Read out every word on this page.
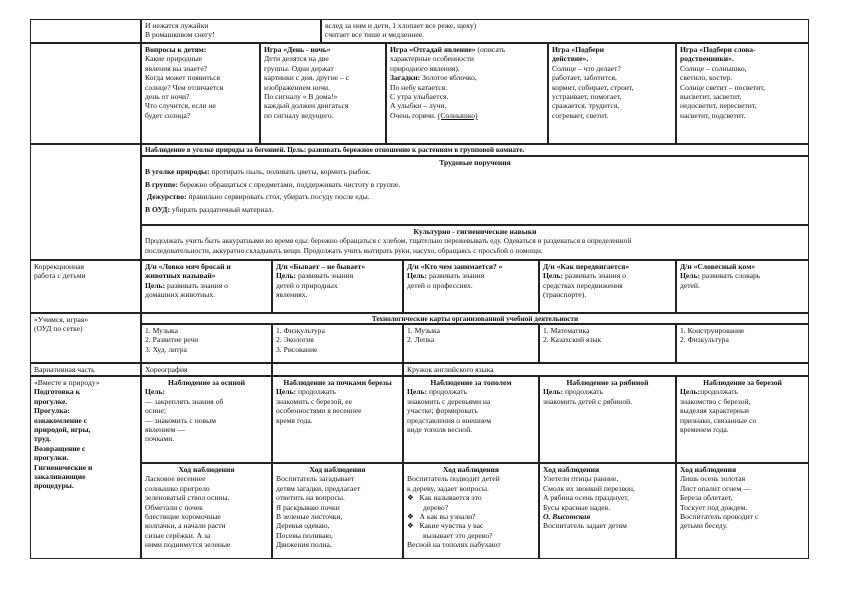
И нежатся лужайки
В ромашковом снегу!
вслед за ним и дети, 1 хлопает все реже, щеку)
считает все тише и медленнее.
Вопросы к детям:
Какие природные
явления вы знаете?
Когда может появиться
солнце? Чем отличается
день от ночи?
Что случится, если не
будет солнца?
Игра «День - ночь»
Дети делятся на две
группы. Одни держат
картинки с дня, другие – с
изображением ночи.
По сигналу « В дома!»
каждый должен двигаться
по сигналу ведущего.
Игра «Отгадай явление» (описать
характерные особенности
природного явления).
Загадки: Золотое яблочко,
По небу катается.
С утра улыбается.
А улыбки – лучи,
Очень горячи. (Солнышко)
Игра «Подбери действие».
Солнце – что делает?
работает, заботится,
кормит, собирает, строит,
устраивает, помогает,
сражается, трудится,
согревает, светит.
Игра «Подбери слова-родственники».
Солнце – солнышко,
светило, костер.
Солнце светит – посветит,
высветит, засветит,
недосветит, пересветит,
насветит, подсветит.
Наблюдение в уголке природы за бегонией. Цель: развивать бережное отношение к растениям в групповой комнате.
Трудовые поручения
В уголке природы: протирать пыль, поливать цветы, кормить рыбок.
В группе: бережно обращаться с предметами, поддерживать чистоту в группе.
Дежурство: правильно сервировать стол, убирать посуду после еды.
В ОУД: убирать раздаточный материал.
Культурно - гигиенические навыки
Продолжать учить быть аккуратными во время еды: бережно обращаться с хлебом, тщательно пережевывать еду. Одеваться и раздеваться в определенной
последовательности, аккуратно складывать вещи. Продолжать учить вытирать руки, насухо, обращаясь с просьбой о помощи.
Коррекционная
работа с детьми
Д/и «Ловко мяч бросай и
животных называй»
Цель: развивать знания о
домашних животных.
Д/и «Бывает – не бывает»
Цель: развивать знания
детей о природных
явлениях.
Д/и «Кто чем занимается? »
Цель: развивать знания
детей о профессиях.
Д/и «Как передвигается»
Цель: развивать знания о
средствах передвижения
(транспорте).
Д/и «Словесный ком»
Цель: развивать словарь
детей.
«Учимся, играя»
(ОУД по сетке)
Технологические карты организованной учебной деятельности
1. Музыка
2. Развитие речи
3. Худ. литра
1. Физкультура
2. Экология
3. Рисование
1. Музыка
2. Лепка
1. Математика
2. Казахский язык
1. Конструирование
2. Физкультура
Вариативная часть	Хореография	Кружок английского языка
«Вместе в природу»
Подготовка к
прогулке.
Прогулка:
ознакомление с
природой, игры,
труд.
Возвращение с
прогулки.
Гигиенические и
закаливающие
процедуры.
Наблюдение за осиной
Цель:
— закреплять знания об
осине;
— знакомить с новым
явлением —
почками.
Ход наблюдения
Ласковое весеннее
солнышко пригрело
зеленоватый ствол осины.
Обметали с почек
блестящие хоромочные
колпачки, а начали расти
сизые серёжки. А за
ними поднимутся зеленые
Наблюдение за почками березы
Цель: продолжать
знакомить с березой, ее
особенностями в весеннее
время года.
Ход наблюдения
Воспитатель загадывает
детям загадки, предлагает
ответить на вопросы.
Я раскрываю почки
В зеленые листочки,
Деревья одеваю,
Посевы поливаю,
Движения полна,
Наблюдение за тополем
Цель: продолжать
знакомить с деревьями на
участке; формировать
представления о внешнем
виде тополя весной.
Ход наблюдения
Воспитатель подводит детей
к дереву, задает вопросы.
❖ Как называется это
дерево?
❖ А как вы узнали?
❖ Какие чувства у вас
вызывает это дерево?
Весной на тополях набухают
Наблюдение за рябиной
Цель: продолжать
знакомить детей с рябиной.
Ход наблюдения
Улетели птицы ранние,
Смолк их звонкий перезвон,
А рябина осень празднует,
Бусы красные надев.
О. Высотская
Воспитатель задает детям
Наблюдение за березой
Цель:продолжать
знакомство с березой,
выделяя характерные
признаки, связанные со
временем года.
Ход наблюдения
Лишь осень золотая
Лист опалит огнем —
Береза облетает,
Тоскует под дождем.
Воспитатель проводит с
детьми беседу.
